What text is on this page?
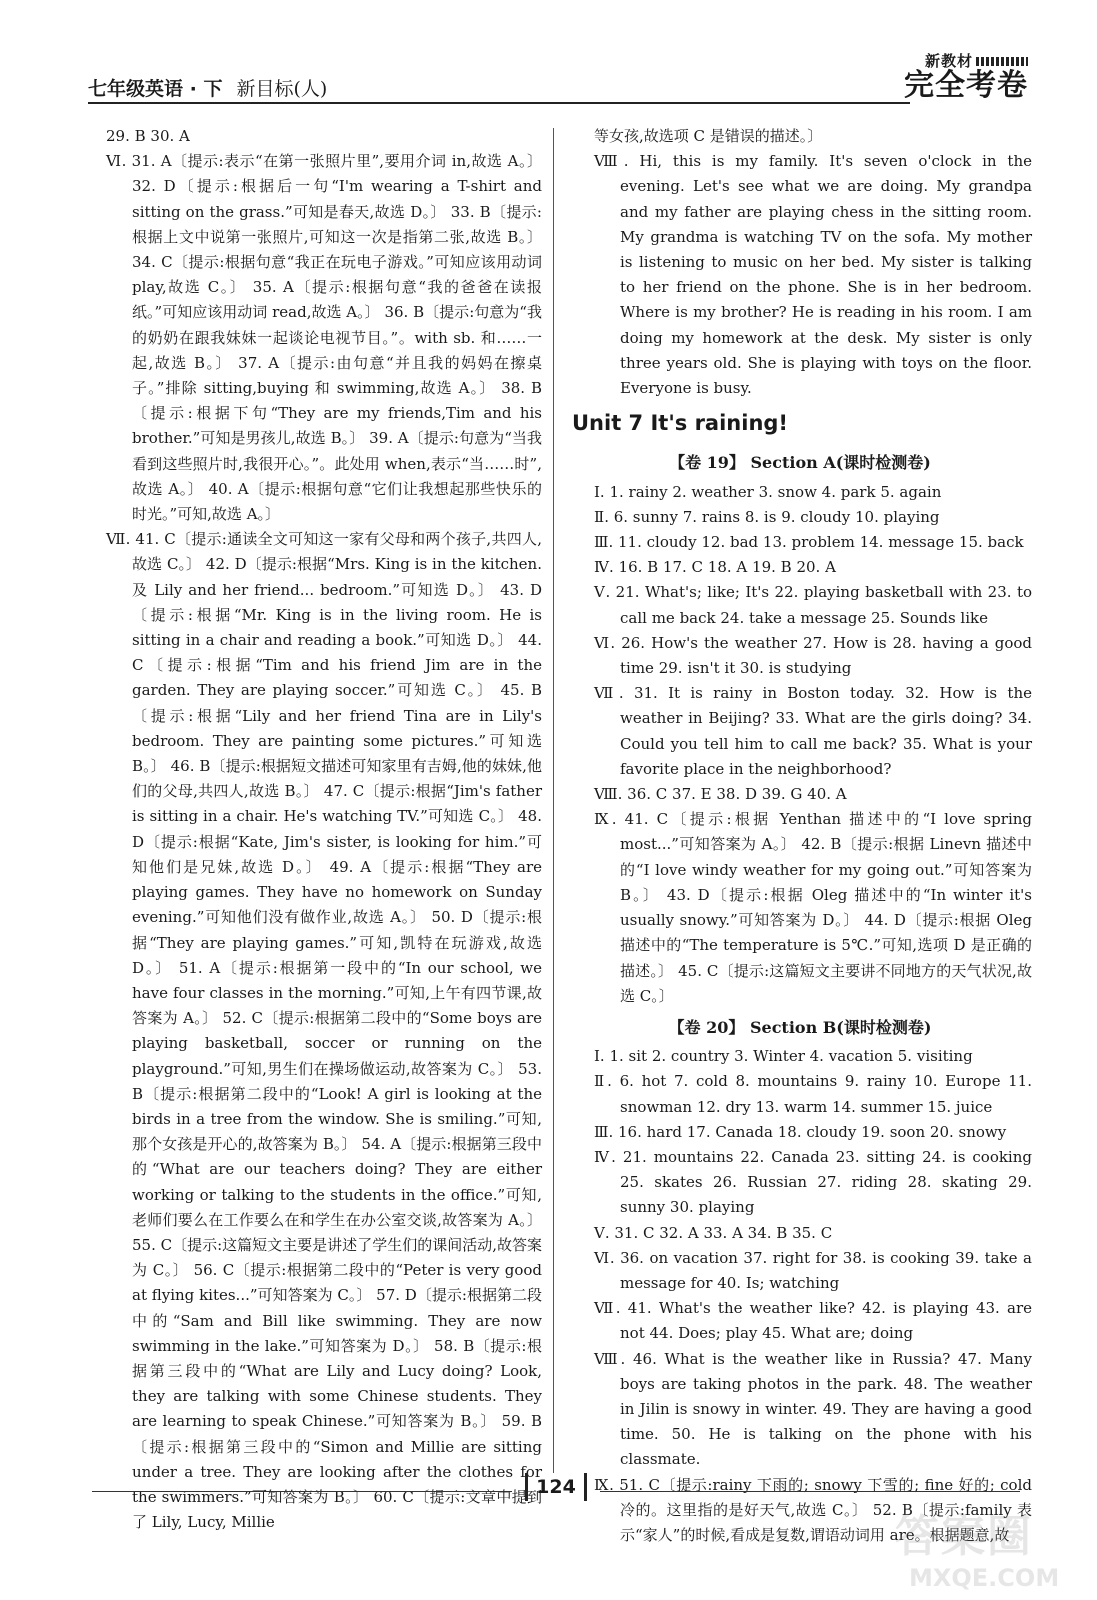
七年级英语 · 下 新目标(人)
新教材
完全考卷
29. B 30. A
Ⅵ. 31. A〔提示:表示“在第一张照片里”,要用介词 in,故选 A。〕 32. D〔提示:根据后一句“I'm wearing a T-shirt and sitting on the grass.”可知是春天,故选 D。〕 33. B〔提示:根据上文中说第一张照片,可知这一次是指第二张,故选 B。〕 34. C〔提示:根据句意“我正在玩电子游戏。”可知应该用动词 play,故选 C。〕 35. A〔提示:根据句意“我的爸爸在读报纸。”可知应该用动词 read,故选 A。〕 36. B〔提示:句意为“我的奶奶在跟我妹妹一起谈论电视节目。”。with sb. 和……一起,故选 B。〕 37. A〔提示:由句意“并且我的妈妈在擦桌子。”排除 sitting,buying 和 swimming,故选 A。〕 38. B〔提示:根据下句“They are my friends,Tim and his brother.”可知是男孩儿,故选 B。〕 39. A〔提示:句意为“当我看到这些照片时,我很开心。”。此处用 when,表示“当……时”,故选 A。〕 40. A〔提示:根据句意“它们让我想起那些快乐的时光。”可知,故选 A。〕
Ⅶ. 41. C〔提示:通读全文可知这一家有父母和两个孩子,共四人,故选 C。〕 42. D〔提示:根据“Mrs. King is in the kitchen. 及 Lily and her friend... bedroom.”可知选 D。〕 43. D〔提示:根据“Mr. King is in the living room. He is sitting in a chair and reading a book.”可知选 D。〕 44. C〔提示:根据“Tim and his friend Jim are in the garden. They are playing soccer.”可知选 C。〕 45. B〔提示:根据“Lily and her friend Tina are in Lily's bedroom. They are painting some pictures.”可知选 B。〕 46. B〔提示:根据短文描述可知家里有吉姆,他的妹妹,他们的父母,共四人,故选 B。〕 47. C〔提示:根据“Jim's father is sitting in a chair. He's watching TV.”可知选 C。〕 48. D〔提示:根据“Kate, Jim's sister, is looking for him.”可知他们是兄妹,故选 D。〕 49. A〔提示:根据“They are playing games. They have no homework on Sunday evening.”可知他们没有做作业,故选 A。〕 50. D〔提示:根据“They are playing games.”可知,凯特在玩游戏,故选 D。〕 51. A〔提示:根据第一段中的“In our school, we have four classes in the morning.”可知,上午有四节课,故答案为 A。〕 52. C〔提示:根据第二段中的“Some boys are playing basketball, soccer or running on the playground.”可知,男生们在操场做运动,故答案为 C。〕 53. B〔提示:根据第二段中的“Look! A girl is looking at the birds in a tree from the window. She is smiling.”可知,那个女孩是开心的,故答案为 B。〕 54. A〔提示:根据第三段中的“What are our teachers doing? They are either working or talking to the students in the office.”可知,老师们要么在工作要么在和学生在办公室交谈,故答案为 A。〕 55. C〔提示:这篇短文主要是讲述了学生们的课间活动,故答案为 C。〕 56. C〔提示:根据第二段中的“Peter is very good at flying kites...”可知答案为 C。〕 57. D〔提示:根据第二段中的“Sam and Bill like swimming. They are now swimming in the lake.”可知答案为 D。〕 58. B〔提示:根据第三段中的“What are Lily and Lucy doing? Look, they are talking with some Chinese students. They are learning to speak Chinese.”可知答案为 B。〕 59. B〔提示:根据第三段中的“Simon and Millie are sitting under a tree. They are looking after the clothes for the swimmers.”可知答案为 B。〕 60. C〔提示:文章中提到了 Lily, Lucy, Millie
等女孩,故选项 C 是错误的描述。〕
Ⅷ. Hi, this is my family. It's seven o'clock in the evening. Let's see what we are doing. My grandpa and my father are playing chess in the sitting room. My grandma is watching TV on the sofa. My mother is listening to music on her bed. My sister is talking to her friend on the phone. She is in her bedroom. Where is my brother? He is reading in his room. I am doing my homework at the desk. My sister is only three years old. She is playing with toys on the floor. Everyone is busy.
Unit 7 It's raining!
【卷 19】 Section A(课时检测卷)
Ⅰ. 1. rainy 2. weather 3. snow 4. park 5. again
Ⅱ. 6. sunny 7. rains 8. is 9. cloudy 10. playing
Ⅲ. 11. cloudy 12. bad 13. problem 14. message 15. back
Ⅳ. 16. B 17. C 18. A 19. B 20. A
Ⅴ. 21. What's; like; It's 22. playing basketball with 23. to call me back 24. take a message 25. Sounds like
Ⅵ. 26. How's the weather 27. How is 28. having a good time 29. isn't it 30. is studying
Ⅶ. 31. It is rainy in Boston today. 32. How is the weather in Beijing? 33. What are the girls doing? 34. Could you tell him to call me back? 35. What is your favorite place in the neighborhood?
Ⅷ. 36. C 37. E 38. D 39. G 40. A
Ⅸ. 41. C〔提示:根据 Yenthan 描述中的“I love spring most...”可知答案为 A。〕 42. B〔提示:根据 Linevn 描述中的“I love windy weather for my going out.”可知答案为 B。〕 43. D〔提示:根据 Oleg 描述中的“In winter it's usually snowy.”可知答案为 D。〕 44. D〔提示:根据 Oleg 描述中的“The temperature is 5℃.”可知,选项 D 是正确的描述。〕 45. C〔提示:这篇短文主要讲不同地方的天气状况,故选 C。〕
【卷 20】 Section B(课时检测卷)
Ⅰ. 1. sit 2. country 3. Winter 4. vacation 5. visiting
Ⅱ. 6. hot 7. cold 8. mountains 9. rainy 10. Europe 11. snowman 12. dry 13. warm 14. summer 15. juice
Ⅲ. 16. hard 17. Canada 18. cloudy 19. soon 20. snowy
Ⅳ. 21. mountains 22. Canada 23. sitting 24. is cooking 25. skates 26. Russian 27. riding 28. skating 29. sunny 30. playing
Ⅴ. 31. C 32. A 33. A 34. B 35. C
Ⅵ. 36. on vacation 37. right for 38. is cooking 39. take a message for 40. Is; watching
Ⅶ. 41. What's the weather like? 42. is playing 43. are not 44. Does; play 45. What are; doing
Ⅷ. 46. What is the weather like in Russia? 47. Many boys are taking photos in the park. 48. The weather in Jilin is snowy in winter. 49. They are having a good time. 50. He is talking on the phone with his classmate.
Ⅸ. 51. C〔提示:rainy 下雨的; snowy 下雪的; fine 好的; cold 冷的。这里指的是好天气,故选 C。〕 52. B〔提示:family 表示“家人”的时候,看成是复数,谓语动词用 are。根据题意,故
124
答案圈
MXQE.COM
